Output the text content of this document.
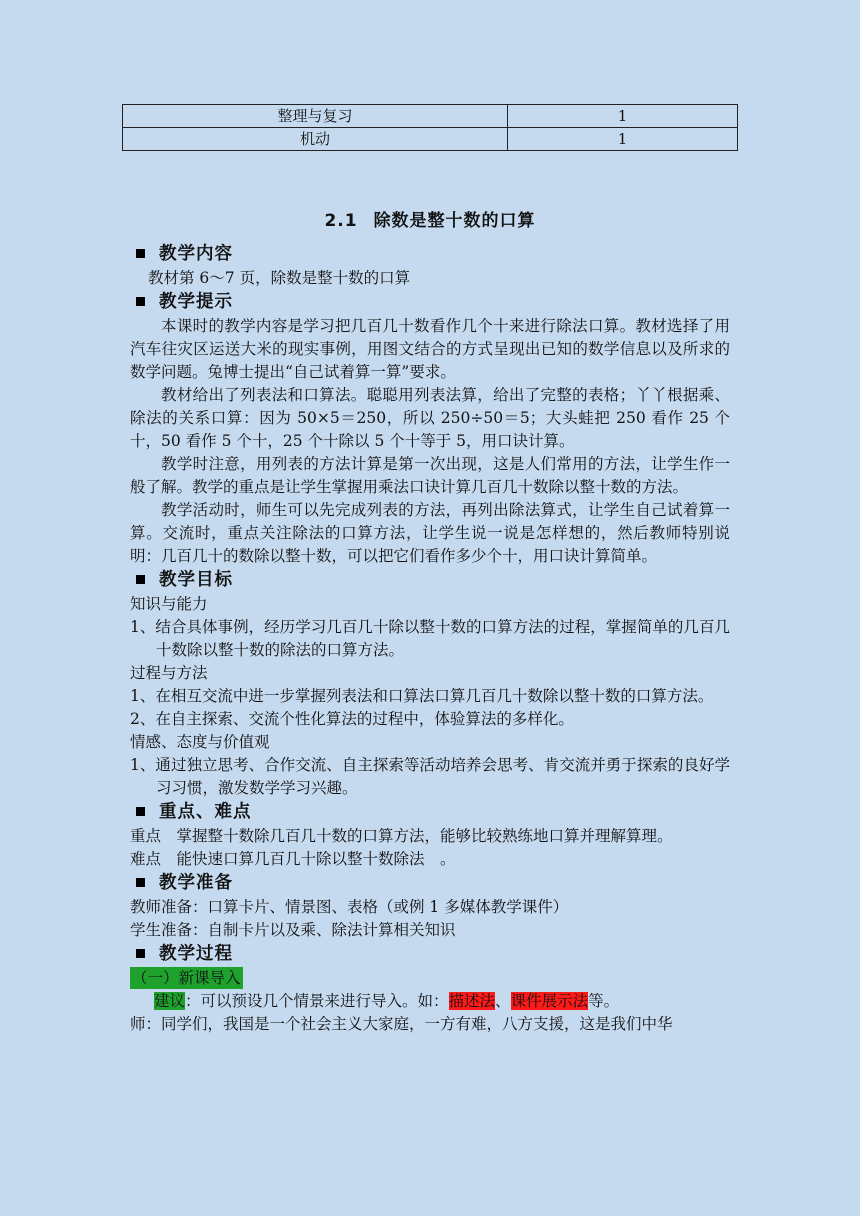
整理与复习	1
机动	1
2.1 除数是整十数的口算
教学内容
教材第 6～7 页，除数是整十数的口算
教学提示

本课时的教学内容是学习把几百几十数看作几个十来进行除法口算。教材选择了用汽车往灾区运送大米的现实事例，用图文结合的方式呈现出已知的数学信息以及所求的数学问题。兔博士提出“自己试着算一算”要求。

教材给出了列表法和口算法。聪聪用列表法算，给出了完整的表格；丫丫根据乘、除法的关系口算：因为 50×5＝250，所以 250÷50＝5；大头蛙把 250 看作 25 个十，50 看作 5 个十，25 个十除以 5 个十等于 5，用口诀计算。

教学时注意，用列表的方法计算是第一次出现，这是人们常用的方法，让学生作一般了解。教学的重点是让学生掌握用乘法口诀计算几百几十数除以整十数的方法。

教学活动时，师生可以先完成列表的方法，再列出除法算式，让学生自己试着算一算。交流时，重点关注除法的口算方法，让学生说一说是怎样想的，然后教师特别说明：几百几十的数除以整十数，可以把它们看作多少个十，用口诀计算简单。

教学目标
知识与能力

1、结合具体事例，经历学习几百几十除以整十数的口算方法的过程，掌握简单的几百几十数除以整十数的除法的口算方法。

过程与方法

1、在相互交流中进一步掌握列表法和口算法口算几百几十数除以整十数的口算方法。

2、在自主探索、交流个性化算法的过程中，体验算法的多样化。

情感、态度与价值观

1、通过独立思考、合作交流、自主探索等活动培养会思考、肯交流并勇于探索的良好学习习惯，激发数学学习兴趣。

重点、难点
重点　掌握整十数除几百几十数的口算方法，能够比较熟练地口算并理解算理。
难点　能快速口算几百几十除以整十数除法　。
教学准备
教师准备：口算卡片、情景图、表格（或例 1 多媒体教学课件）
学生准备：自制卡片以及乘、除法计算相关知识
教学过程
（一）新课导入
建议：可以预设几个情景来进行导入。如：描述法、课件展示法等。
师：同学们，我国是一个社会主义大家庭，一方有难，八方支援，这是我们中华
